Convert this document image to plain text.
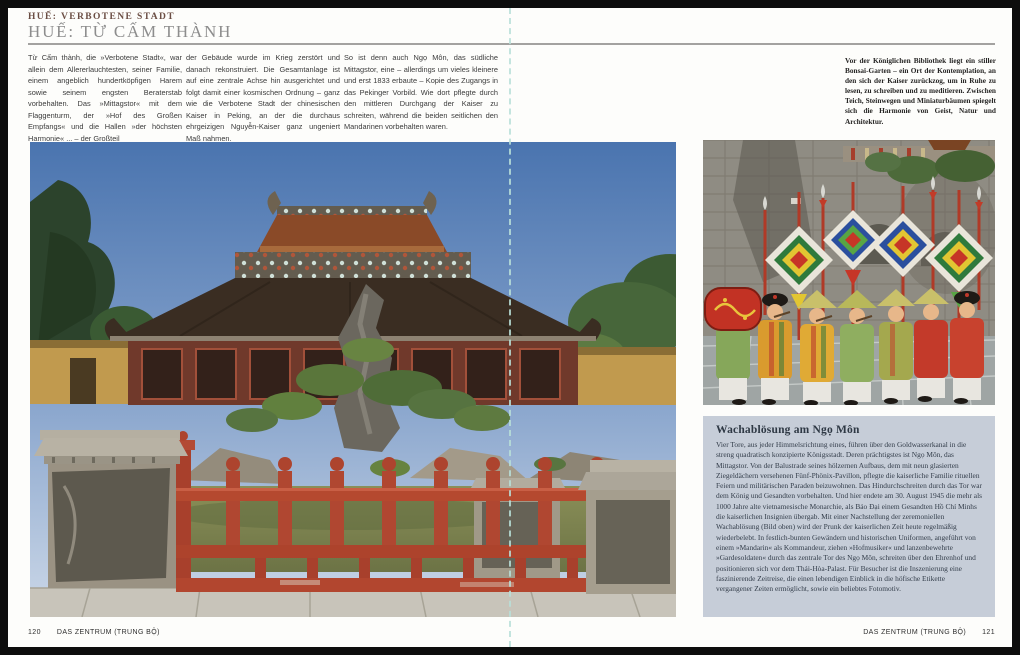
HUẾ: VERBOTENE STADT
HUẾ: TỪ CẤM THÀNH
Từ Cấm thành, die »Verbotene Stadt«, war allein dem Allererlauchtesten, seiner Familie, einem angeblich hundertköpfigen Harem sowie seinem engsten Beraterstab vorbehalten. Das »Mittagstor« mit dem Flaggenturm, der »Hof des Großen Empfangs« und die Hallen »der höchsten Harmonie« ... – der Großteil
der Gebäude wurde im Krieg zerstört und danach rekonstruiert. Die Gesamtanlage ist auf eine zentrale Achse hin ausgerichtet und folgt damit einer kosmischen Ordnung – ganz wie die Verbotene Stadt der chinesischen Kaiser in Peking, an der die durchaus ehrgeizigen Nguyễn-Kaiser ganz ungeniert Maß nahmen.
So ist denn auch Ngọ Môn, das südliche Mittagstor, eine – allerdings um vieles kleinere und erst 1833 erbaute – Kopie des Zugangs in das Pekinger Vorbild. Wie dort pflegte durch den mittleren Durchgang der Kaiser zu schreiten, während die beiden seitlichen den Mandarinen vorbehalten waren.
Vor der Königlichen Bibliothek liegt ein stiller Bonsai-Garten – ein Ort der Kontemplation, an den sich der Kaiser zurückzog, um in Ruhe zu lesen, zu schreiben und zu meditieren. Zwischen Teich, Steinwegen und Miniaturbäumen spiegelt sich die Harmonie von Geist, Natur und Architektur.
Wachablösung am Ngọ Môn

Vier Tore, aus jeder Himmelsrichtung eines, führen über den Goldwasserkanal in die streng quadratisch konzipierte Königsstadt. Deren prächtigstes ist Ngọ Môn, das Mittagstor. Von der Balustrade seines hölzernen Aufbaus, dem mit neun glasierten Ziegeldächern versehenen Fünf-Phönix-Pavillon, pflegte die kaiserliche Familie rituellen Feiern und militärischen Paraden beizuwohnen. Das Hindurchschreiten durch das Tor war dem König und Gesandten vorbehalten. Und hier endete am 30. August 1945 die mehr als 1000 Jahre alte vietnamesische Monarchie, als Bảo Đại einem Gesandten Hồ Chí Minhs die kaiserlichen Insignien übergab. Mit einer Nachstellung der zeremoniellen Wachablösung (Bild oben) wird der Prunk der kaiserlichen Zeit heute regelmäßig wiederbelebt. In festlich-bunten Gewändern und historischen Uniformen, angeführt von einem »Mandarin« als Kommandeur, ziehen »Hofmusiker« und lanzenbewehrte »Gardesoldaten« durch das zentrale Tor des Ngọ Môn, schreiten über den Ehrenhof und positionieren sich vor dem Thái-Hòa-Palast. Für Besucher ist die Inszenierung eine faszinierende Zeitreise, die einen lebendigen Einblick in die höfische Etikette vergangener Zeiten ermöglicht, sowie ein beliebtes Fotomotiv.

120 DAS ZENTRUM (TRUNG BỘ)	DAS ZENTRUM (TRUNG BỘ) 121
